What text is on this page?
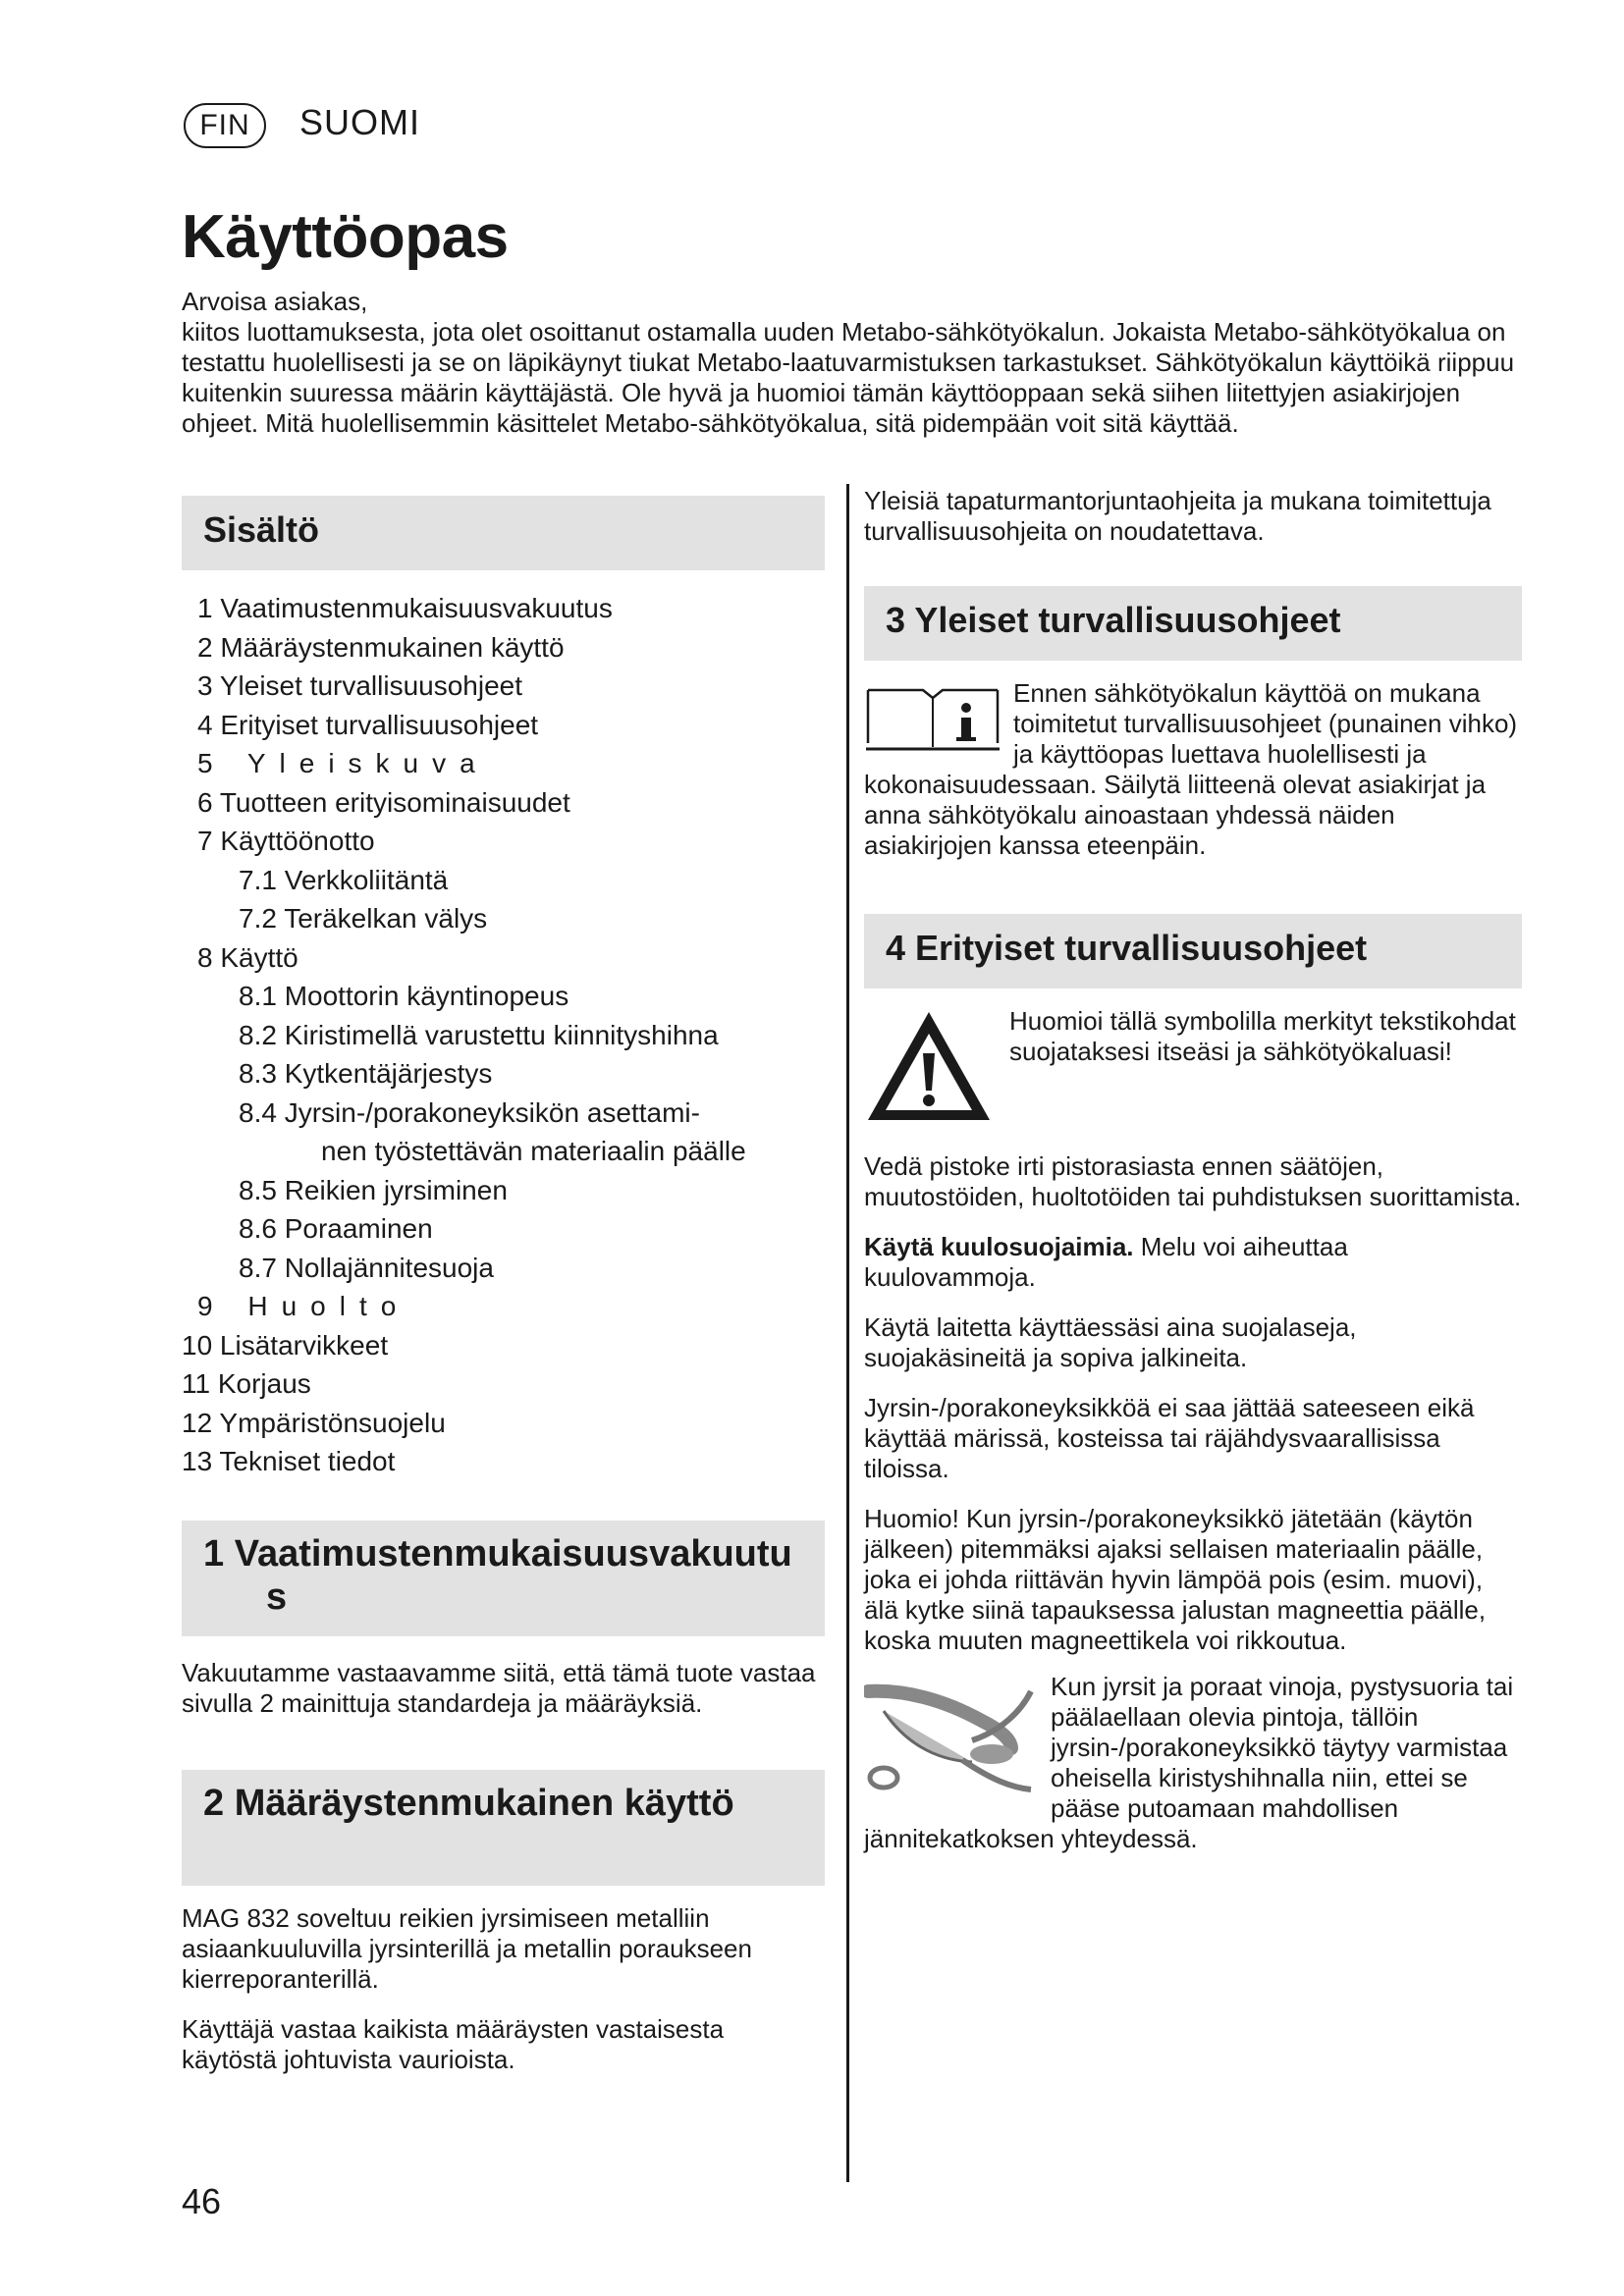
FIN	SUOMI
Käyttöopas

Arvoisa asiakas,

kiitos luottamuksesta, jota olet osoittanut ostamalla uuden Metabo-sähkötyökalun. Jokaista Metabo-sähkötyökalua on testattu huolellisesti ja se on läpikäynyt tiukat Metabo-laatuvarmistuksen tarkastukset. Sähkötyökalun käyttöikä riippuu kuitenkin suuressa määrin käyttäjästä. Ole hyvä ja huomioi tämän käyttöoppaan sekä siihen liitettyjen asiakirjojen ohjeet. Mitä huolellisemmin käsittelet Metabo-sähkötyökalua, sitä pidempään voit sitä käyttää.

Sisältö
1 Vaatimustenmukaisuusvakuutus
2 Määräystenmukainen käyttö
3 Yleiset turvallisuusohjeet
4 Erityiset turvallisuusohjeet
5 Yleiskuva
6 Tuotteen erityisominaisuudet
7 Käyttöönotto
7.1 Verkkoliitäntä
7.2 Teräkelkan välys
8 Käyttö
8.1 Moottorin käyntinopeus
8.2 Kiristimellä varustettu kiinnityshihna
8.3 Kytkentäjärjestys
8.4 Jyrsin-/porakoneyksikön asettami-
nen työstettävän materiaalin päälle
8.5 Reikien jyrsiminen
8.6 Poraaminen
8.7 Nollajännitesuoja
9 Huolto
10 Lisätarvikkeet
11 Korjaus
12 Ympäristönsuojelu
13 Tekniset tiedot
1 Vaatimustenmukaisuusvakuutus

Vakuutamme vastaavamme siitä, että tämä tuote vastaa sivulla 2 mainittuja standardeja ja määräyksiä.

2 Määräystenmukainen käyttö

MAG 832 soveltuu reikien jyrsimiseen metalliin asiaankuuluvilla jyrsinterillä ja metallin poraukseen kierreporanterillä.

Käyttäjä vastaa kaikista määräysten vastaisesta käytöstä johtuvista vaurioista.

Yleisiä tapaturmantorjuntaohjeita ja mukana toimitettuja turvallisuusohjeita on noudatettava.

3 Yleiset turvallisuusohjeet

Ennen sähkötyökalun käyttöä on mukana toimitetut turvallisuusohjeet (punainen vihko) ja käyttöopas luettava huolellisesti ja kokonaisuudessaan. Säilytä liitteenä olevat asiakirjat ja anna sähkötyökalu ainoastaan yhdessä näiden asiakirjojen kanssa eteenpäin.

4 Erityiset turvallisuusohjeet

Huomioi tällä symbolilla merkityt tekstikohdat suojataksesi itseäsi ja sähkötyökaluasi!

Vedä pistoke irti pistorasiasta ennen säätöjen, muutostöiden, huoltotöiden tai puhdistuksen suorittamista.

Käytä kuulosuojaimia. Melu voi aiheuttaa kuulovammoja.

Käytä laitetta käyttäessäsi aina suojalaseja, suojakäsineitä ja sopiva jalkineita.

Jyrsin-/porakoneyksikköä ei saa jättää sateeseen eikä käyttää märissä, kosteissa tai räjähdysvaarallisissa tiloissa.

Huomio! Kun jyrsin-/porakoneyksikkö jätetään (käytön jälkeen) pitemmäksi ajaksi sellaisen materiaalin päälle, joka ei johda riittävän hyvin lämpöä pois (esim. muovi), älä kytke siinä tapauksessa jalustan magneettia päälle, koska muuten magneettikela voi rikkoutua.

Kun jyrsit ja poraat vinoja, pystysuoria tai päälaellaan olevia pintoja, tällöin jyrsin-/porakoneyksikkö täytyy varmistaa oheisella kiristyshihnalla niin, ettei se pääse putoamaan mahdollisen jännitekatkoksen yhteydessä.

46
